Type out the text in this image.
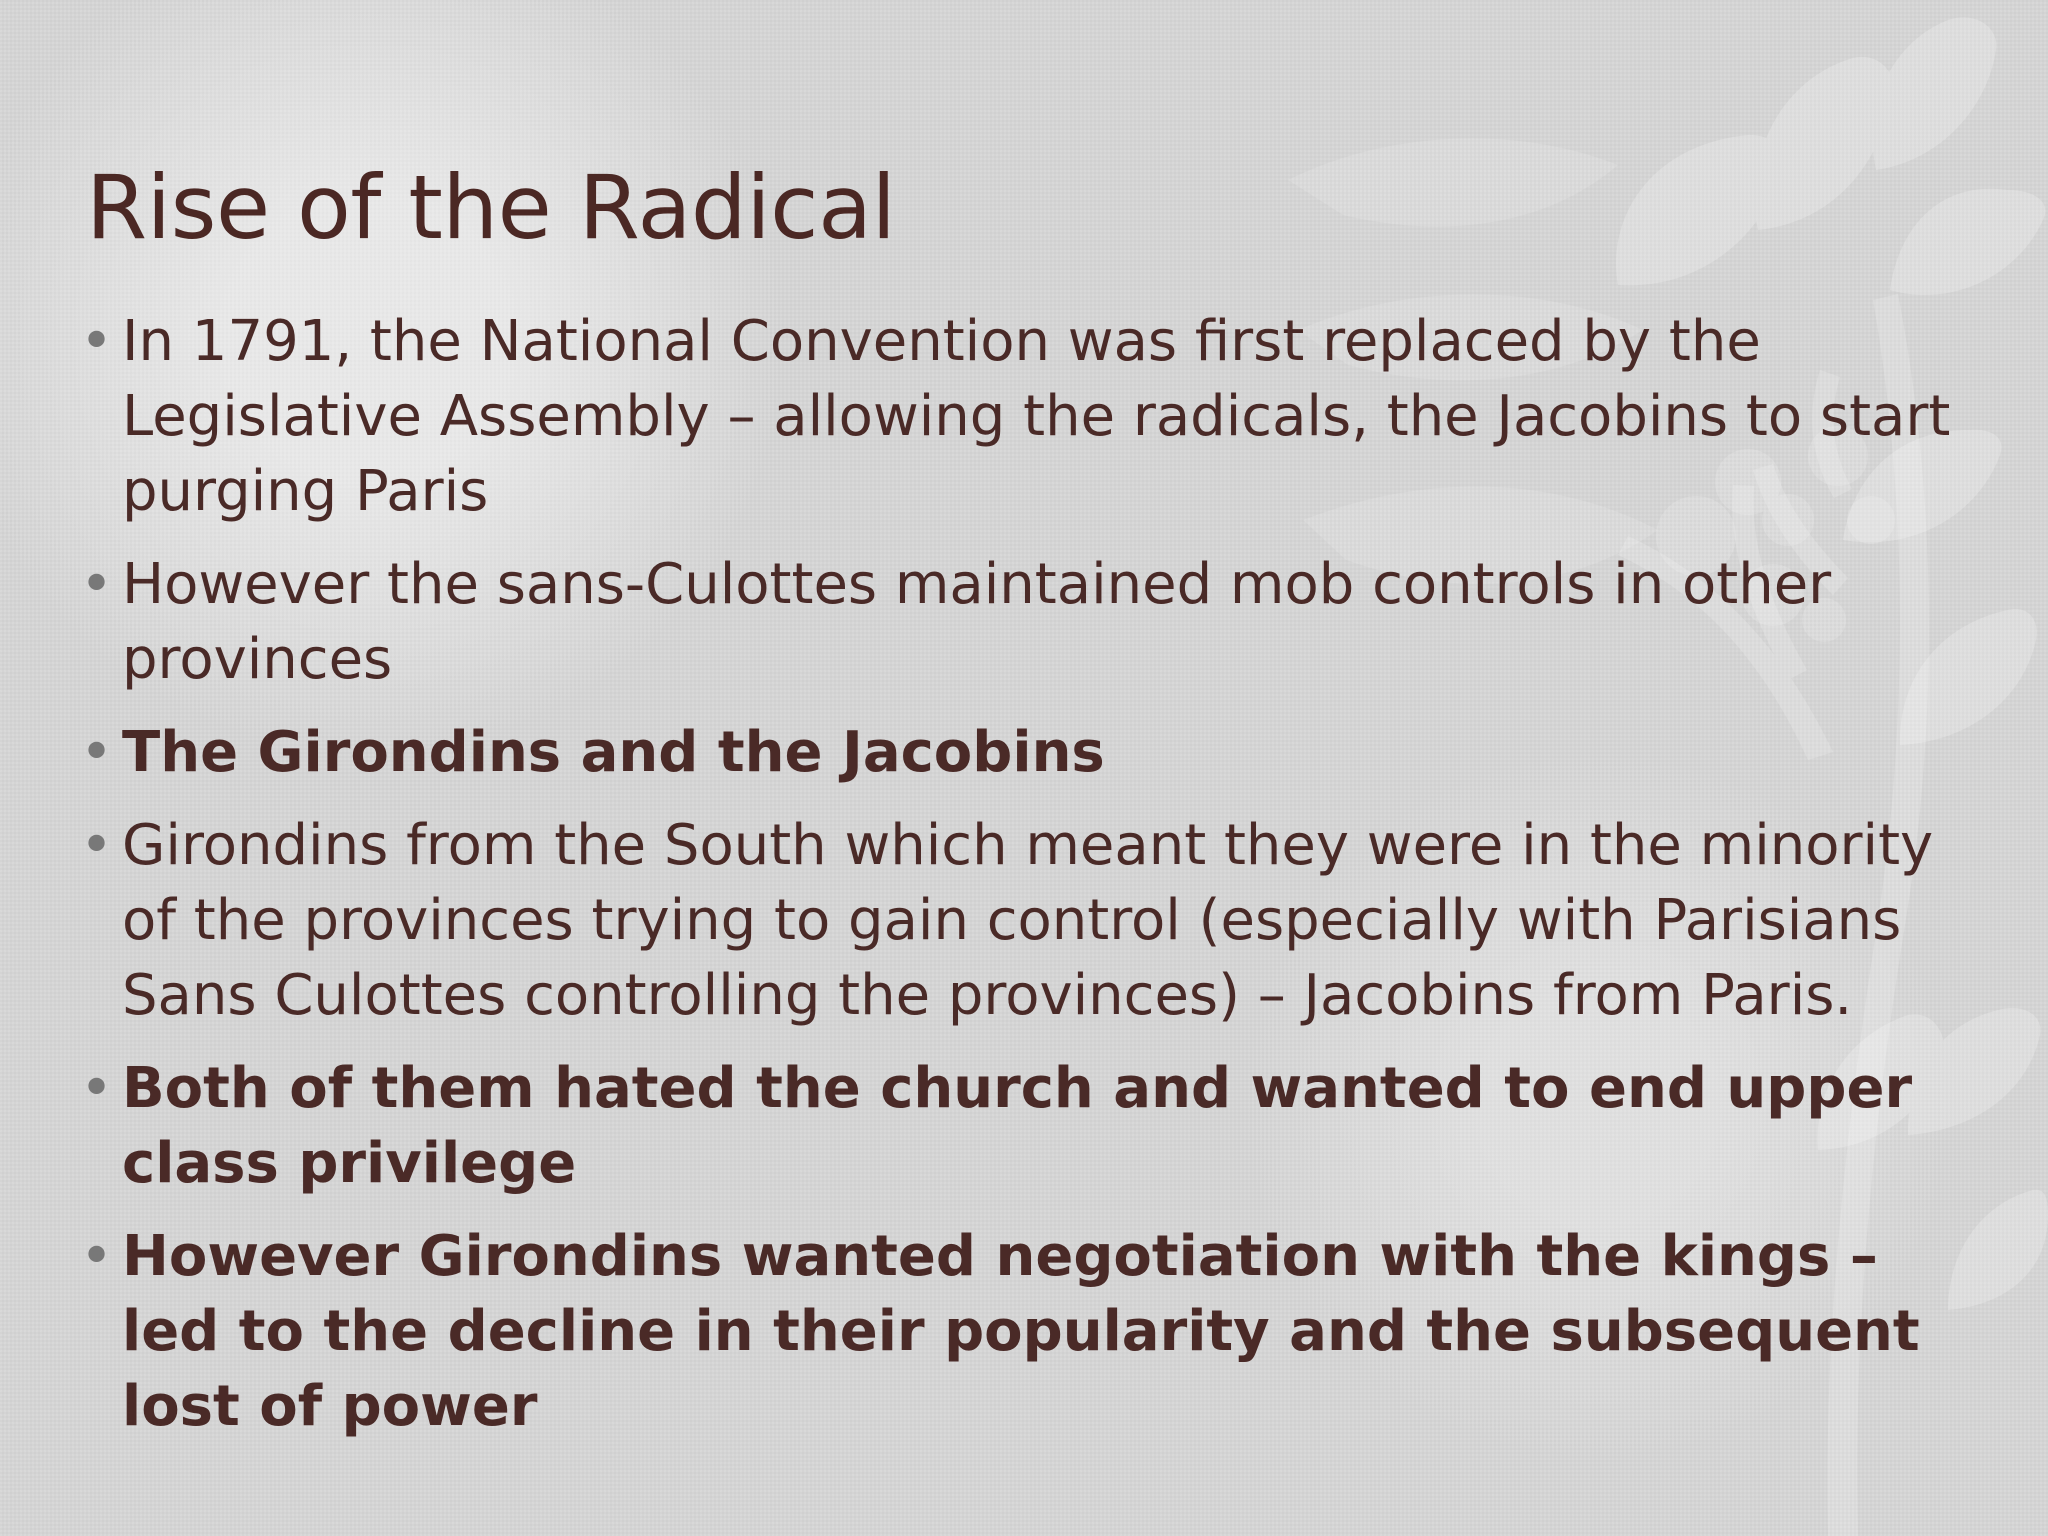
Rise of the Radical
• In 1791, the National Convention was first replaced by the Legislative Assembly – allowing the radicals, the Jacobins to start purging Paris
• However the sans-Culottes maintained mob controls in other provinces
• The Girondins and the Jacobins
• Girondins from the South which meant they were in the minority of the provinces trying to gain control (especially with Parisians Sans Culottes controlling the provinces) – Jacobins from Paris.
• Both of them hated the church and wanted to end upper class privilege
• However Girondins wanted negotiation with the kings – led to the decline in their popularity and the subsequent lost of power
